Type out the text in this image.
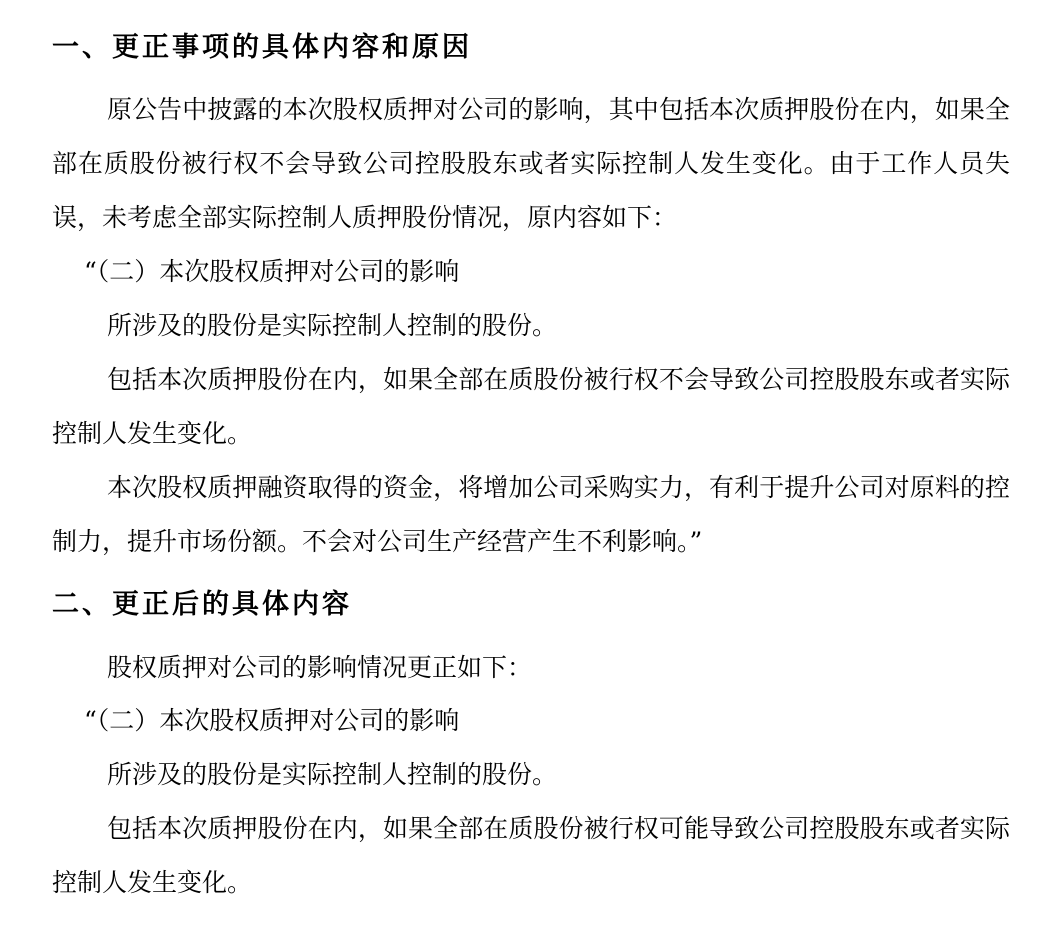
一、更正事项的具体内容和原因

原公告中披露的本次股权质押对公司的影响，其中包括本次质押股份在内，如果全部在质股份被行权不会导致公司控股股东或者实际控制人发生变化。由于工作人员失误，未考虑全部实际控制人质押股份情况，原内容如下：

“（二）本次股权质押对公司的影响
所涉及的股份是实际控制人控制的股份。

包括本次质押股份在内，如果全部在质股份被行权不会导致公司控股股东或者实际控制人发生变化。

本次股权质押融资取得的资金，将增加公司采购实力，有利于提升公司对原料的控制力，提升市场份额。不会对公司生产经营产生不利影响。”

二、更正后的具体内容
股权质押对公司的影响情况更正如下：
“（二）本次股权质押对公司的影响
所涉及的股份是实际控制人控制的股份。

包括本次质押股份在内，如果全部在质股份被行权可能导致公司控股股东或者实际控制人发生变化。
